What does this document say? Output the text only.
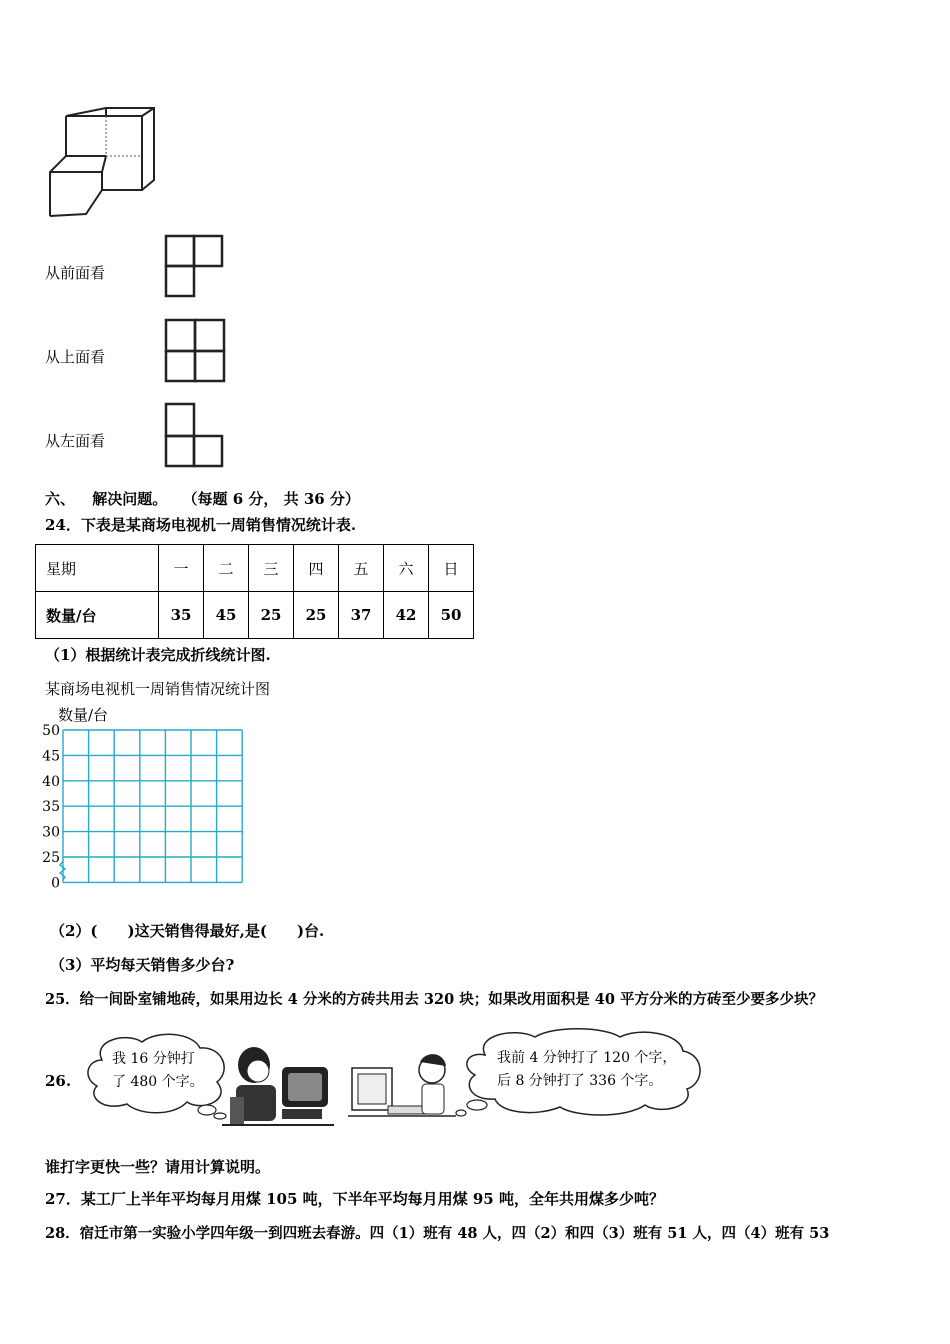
从前面看
从上面看
从左面看
六、 解决问题。 （每题 6 分， 共 36 分）
24．下表是某商场电视机一周销售情况统计表.
星期	一	二	三	四	五	六	日
数量/台	35	45	25	25	37	42	50
（1）根据统计表完成折线统计图.
某商场电视机一周销售情况统计图
数量/台
50
45
40
35
30
25
0
（2）(　　)这天销售得最好,是(　　)台.
（3）平均每天销售多少台?
25．给一间卧室铺地砖，如果用边长 4 分米的方砖共用去 320 块；如果改用面积是 40 平方分米的方砖至少要多少块？
26.
我 16 分钟打
了 480 个字。
我前 4 分钟打了 120 个字，
后 8 分钟打了 336 个字。
谁打字更快一些？请用计算说明。
27．某工厂上半年平均每月用煤 105 吨，下半年平均每月用煤 95 吨，全年共用煤多少吨？
28．宿迁市第一实验小学四年级一到四班去春游。四（1）班有 48 人，四（2）和四（3）班有 51 人，四（4）班有 53
